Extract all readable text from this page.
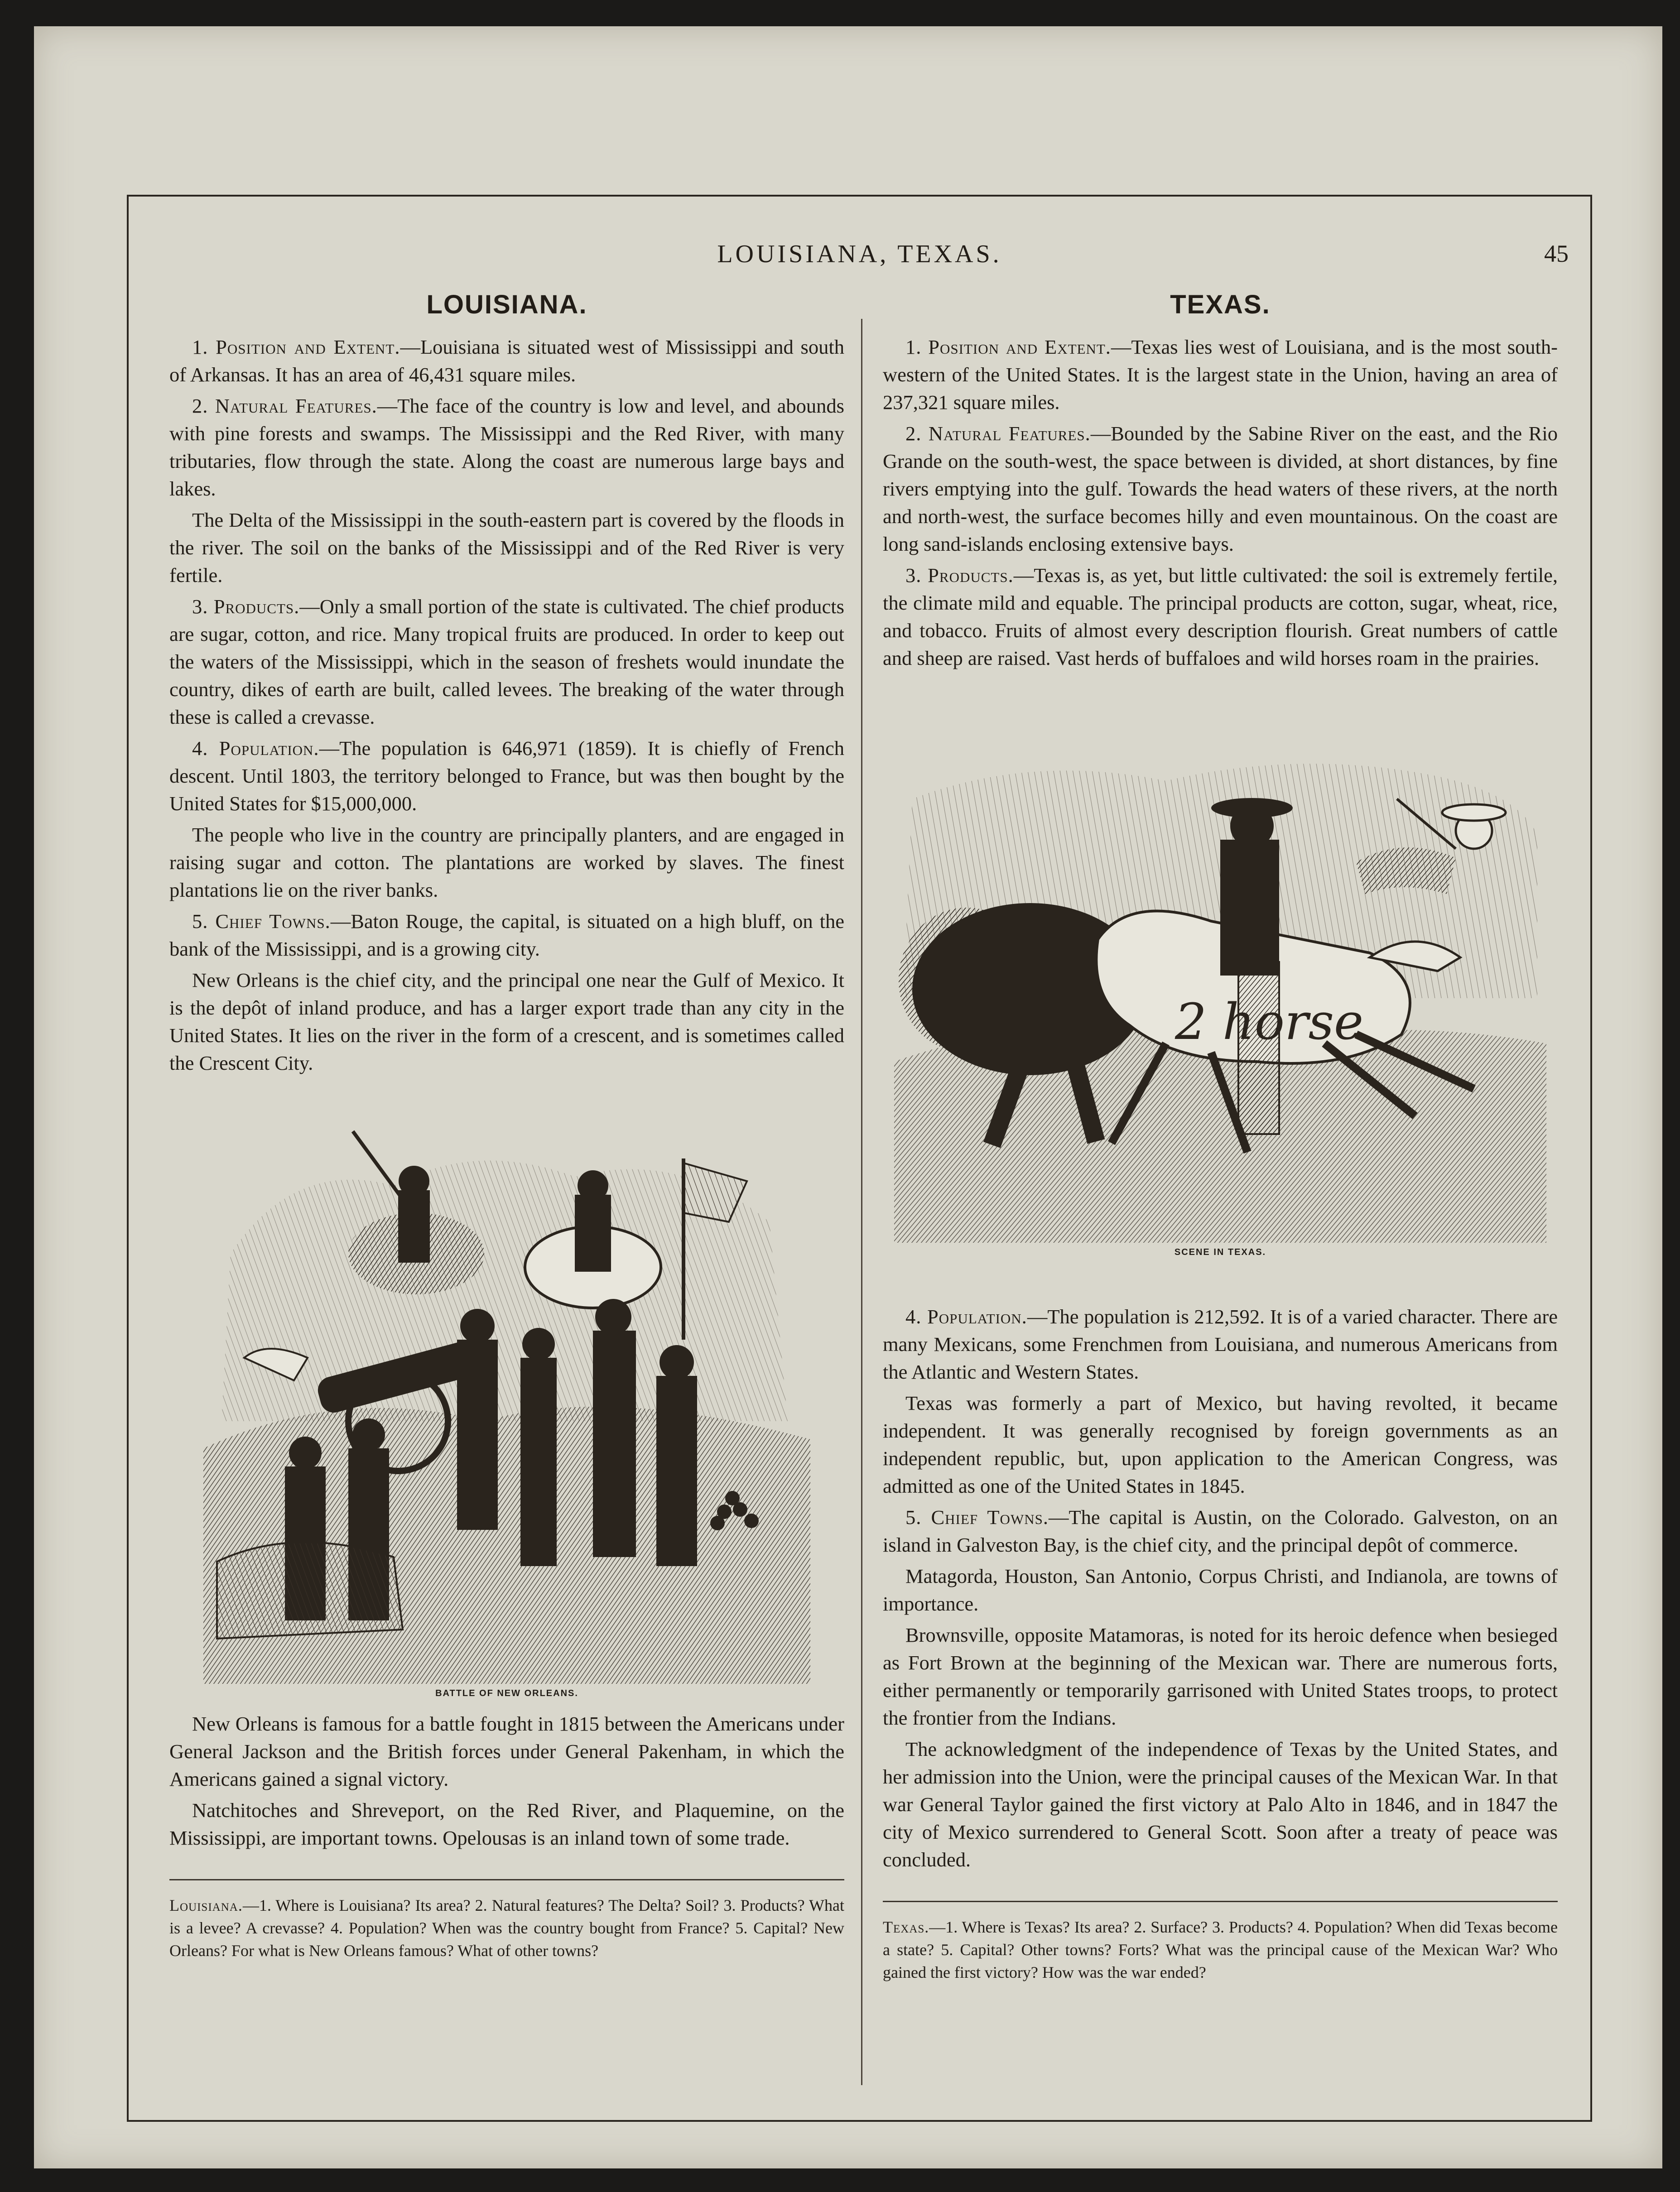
LOUISIANA, TEXAS.	45
LOUISIANA.

1. Position and Extent.—Louisiana is situated west of Mississippi and south of Arkansas. It has an area of 46,431 square miles.

2. Natural Features.—The face of the country is low and level, and abounds with pine forests and swamps. The Mississippi and the Red River, with many tributaries, flow through the state. Along the coast are numerous large bays and lakes.

The Delta of the Mississippi in the south-eastern part is covered by the floods in the river. The soil on the banks of the Mississippi and of the Red River is very fertile.

3. Products.—Only a small portion of the state is cultivated. The chief products are sugar, cotton, and rice. Many tropical fruits are produced. In order to keep out the waters of the Mississippi, which in the season of freshets would inundate the country, dikes of earth are built, called levees. The breaking of the water through these is called a crevasse.

4. Population.—The population is 646,971 (1859). It is chiefly of French descent. Until 1803, the territory belonged to France, but was then bought by the United States for $15,000,000.

The people who live in the country are principally planters, and are engaged in raising sugar and cotton. The plantations are worked by slaves. The finest plantations lie on the river banks.

5. Chief Towns.—Baton Rouge, the capital, is situated on a high bluff, on the bank of the Mississippi, and is a growing city.

New Orleans is the chief city, and the principal one near the Gulf of Mexico. It is the depôt of inland produce, and has a larger export trade than any city in the United States. It lies on the river in the form of a crescent, and is sometimes called the Crescent City.

BATTLE OF NEW ORLEANS.

New Orleans is famous for a battle fought in 1815 between the Americans under General Jackson and the British forces under General Pakenham, in which the Americans gained a signal victory.

Natchitoches and Shreveport, on the Red River, and Plaquemine, on the Mississippi, are important towns. Opelousas is an inland town of some trade.

Louisiana.—1. Where is Louisiana? Its area? 2. Natural features? The Delta? Soil? 3. Products? What is a levee? A crevasse? 4. Population? When was the country bought from France? 5. Capital? New Orleans? For what is New Orleans famous? What of other towns?

TEXAS.

1. Position and Extent.—Texas lies west of Louisiana, and is the most south-western of the United States. It is the largest state in the Union, having an area of 237,321 square miles.

2. Natural Features.—Bounded by the Sabine River on the east, and the Rio Grande on the south-west, the space between is divided, at short distances, by fine rivers emptying into the gulf. Towards the head waters of these rivers, at the north and north-west, the surface becomes hilly and even mountainous. On the coast are long sand-islands enclosing extensive bays.

3. Products.—Texas is, as yet, but little cultivated: the soil is extremely fertile, the climate mild and equable. The principal products are cotton, sugar, wheat, rice, and tobacco. Fruits of almost every description flourish. Great numbers of cattle and sheep are raised. Vast herds of buffaloes and wild horses roam in the prairies.

2 horse
SCENE IN TEXAS.

4. Population.—The population is 212,592. It is of a varied character. There are many Mexicans, some Frenchmen from Louisiana, and numerous Americans from the Atlantic and Western States.

Texas was formerly a part of Mexico, but having revolted, it became independent. It was generally recognised by foreign governments as an independent republic, but, upon application to the American Congress, was admitted as one of the United States in 1845.

5. Chief Towns.—The capital is Austin, on the Colorado. Galveston, on an island in Galveston Bay, is the chief city, and the principal depôt of commerce.

Matagorda, Houston, San Antonio, Corpus Christi, and Indianola, are towns of importance.

Brownsville, opposite Matamoras, is noted for its heroic defence when besieged as Fort Brown at the beginning of the Mexican war. There are numerous forts, either permanently or temporarily garrisoned with United States troops, to protect the frontier from the Indians.

The acknowledgment of the independence of Texas by the United States, and her admission into the Union, were the principal causes of the Mexican War. In that war General Taylor gained the first victory at Palo Alto in 1846, and in 1847 the city of Mexico surrendered to General Scott. Soon after a treaty of peace was concluded.

Texas.—1. Where is Texas? Its area? 2. Surface? 3. Products? 4. Population? When did Texas become a state? 5. Capital? Other towns? Forts? What was the principal cause of the Mexican War? Who gained the first victory? How was the war ended?
